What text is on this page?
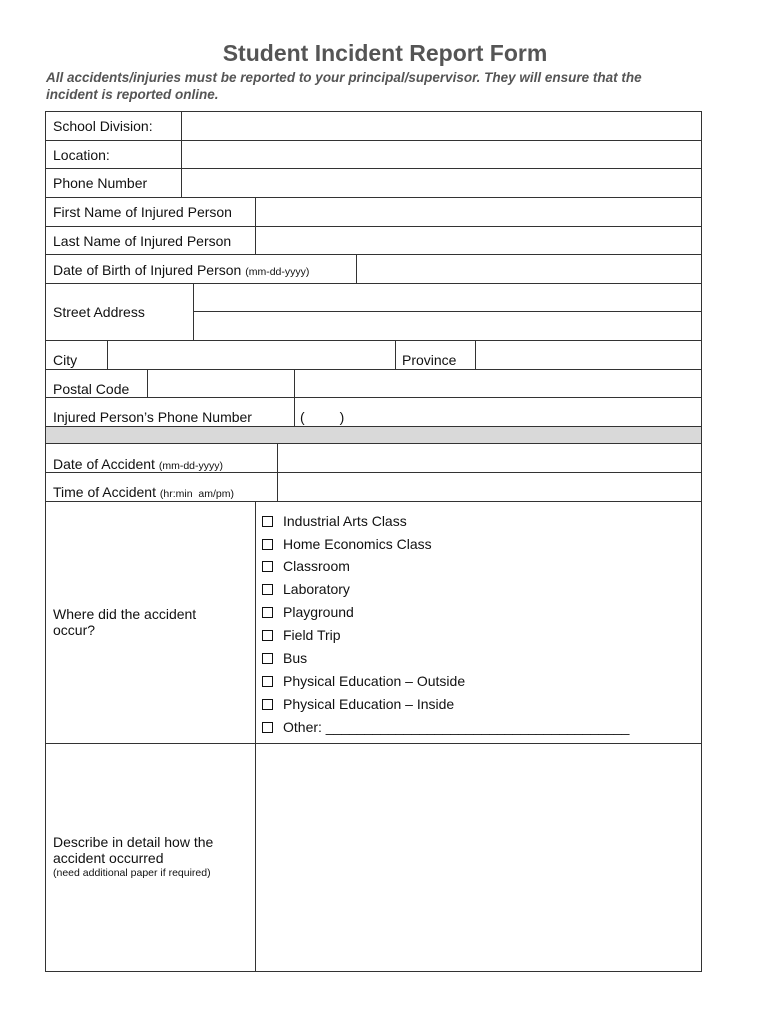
Student Incident Report Form
All accidents/injuries must be reported to your principal/supervisor. They will ensure that the
incident is reported online.
School Division:
Location:
Phone Number
First Name of Injured Person
Last Name of Injured Person
Date of Birth of Injured Person (mm-dd-yyyy)
Street Address
City	Province
Postal Code
Injured Person’s Phone Number	(         )
Date of Accident (mm-dd-yyyy)
Time of Accident (hr:min  am/pm)
Where did the accident
occur?
Industrial Arts Class
Home Economics Class
Classroom
Laboratory
Playground
Field Trip
Bus
Physical Education – Outside
Physical Education – Inside
Other: _______________________________________
Describe in detail how the
accident occurred
(need additional paper if required)
